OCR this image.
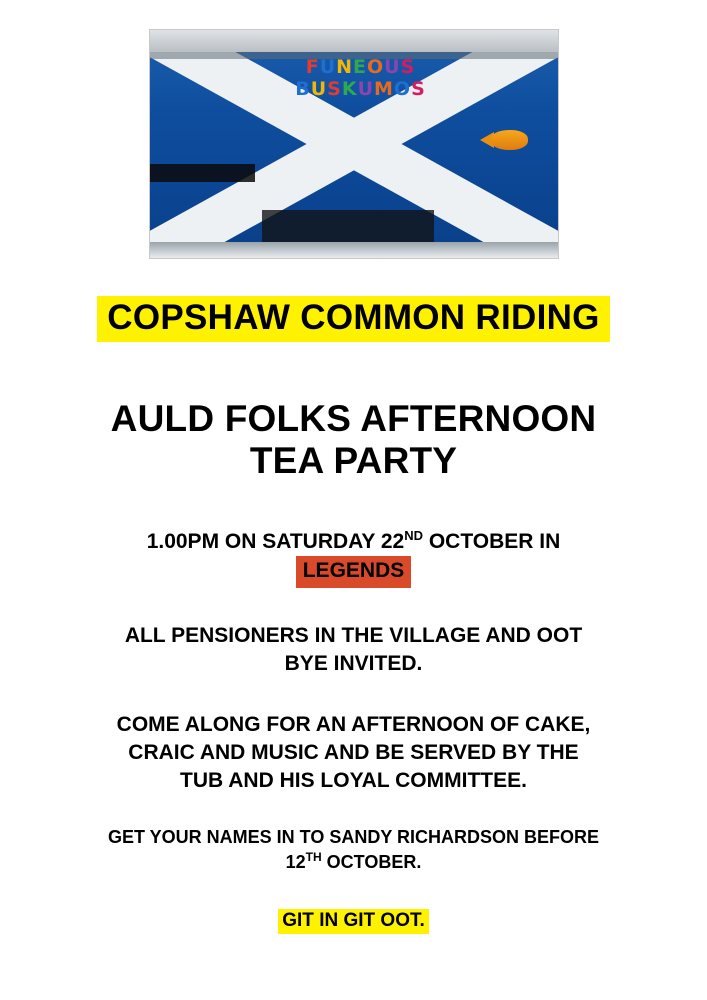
FUNEOUS
BUSKUMOS
COPSHAW COMMON RIDING
AULD FOLKS AFTERNOON
TEA PARTY
1.00PM ON SATURDAY 22ND OCTOBER IN
LEGENDS
ALL PENSIONERS IN THE VILLAGE AND OOT
BYE INVITED.
COME ALONG FOR AN AFTERNOON OF CAKE,
CRAIC AND MUSIC AND BE SERVED BY THE
TUB AND HIS LOYAL COMMITTEE.
GET YOUR NAMES IN TO SANDY RICHARDSON BEFORE
12TH OCTOBER.
GIT IN GIT OOT.
